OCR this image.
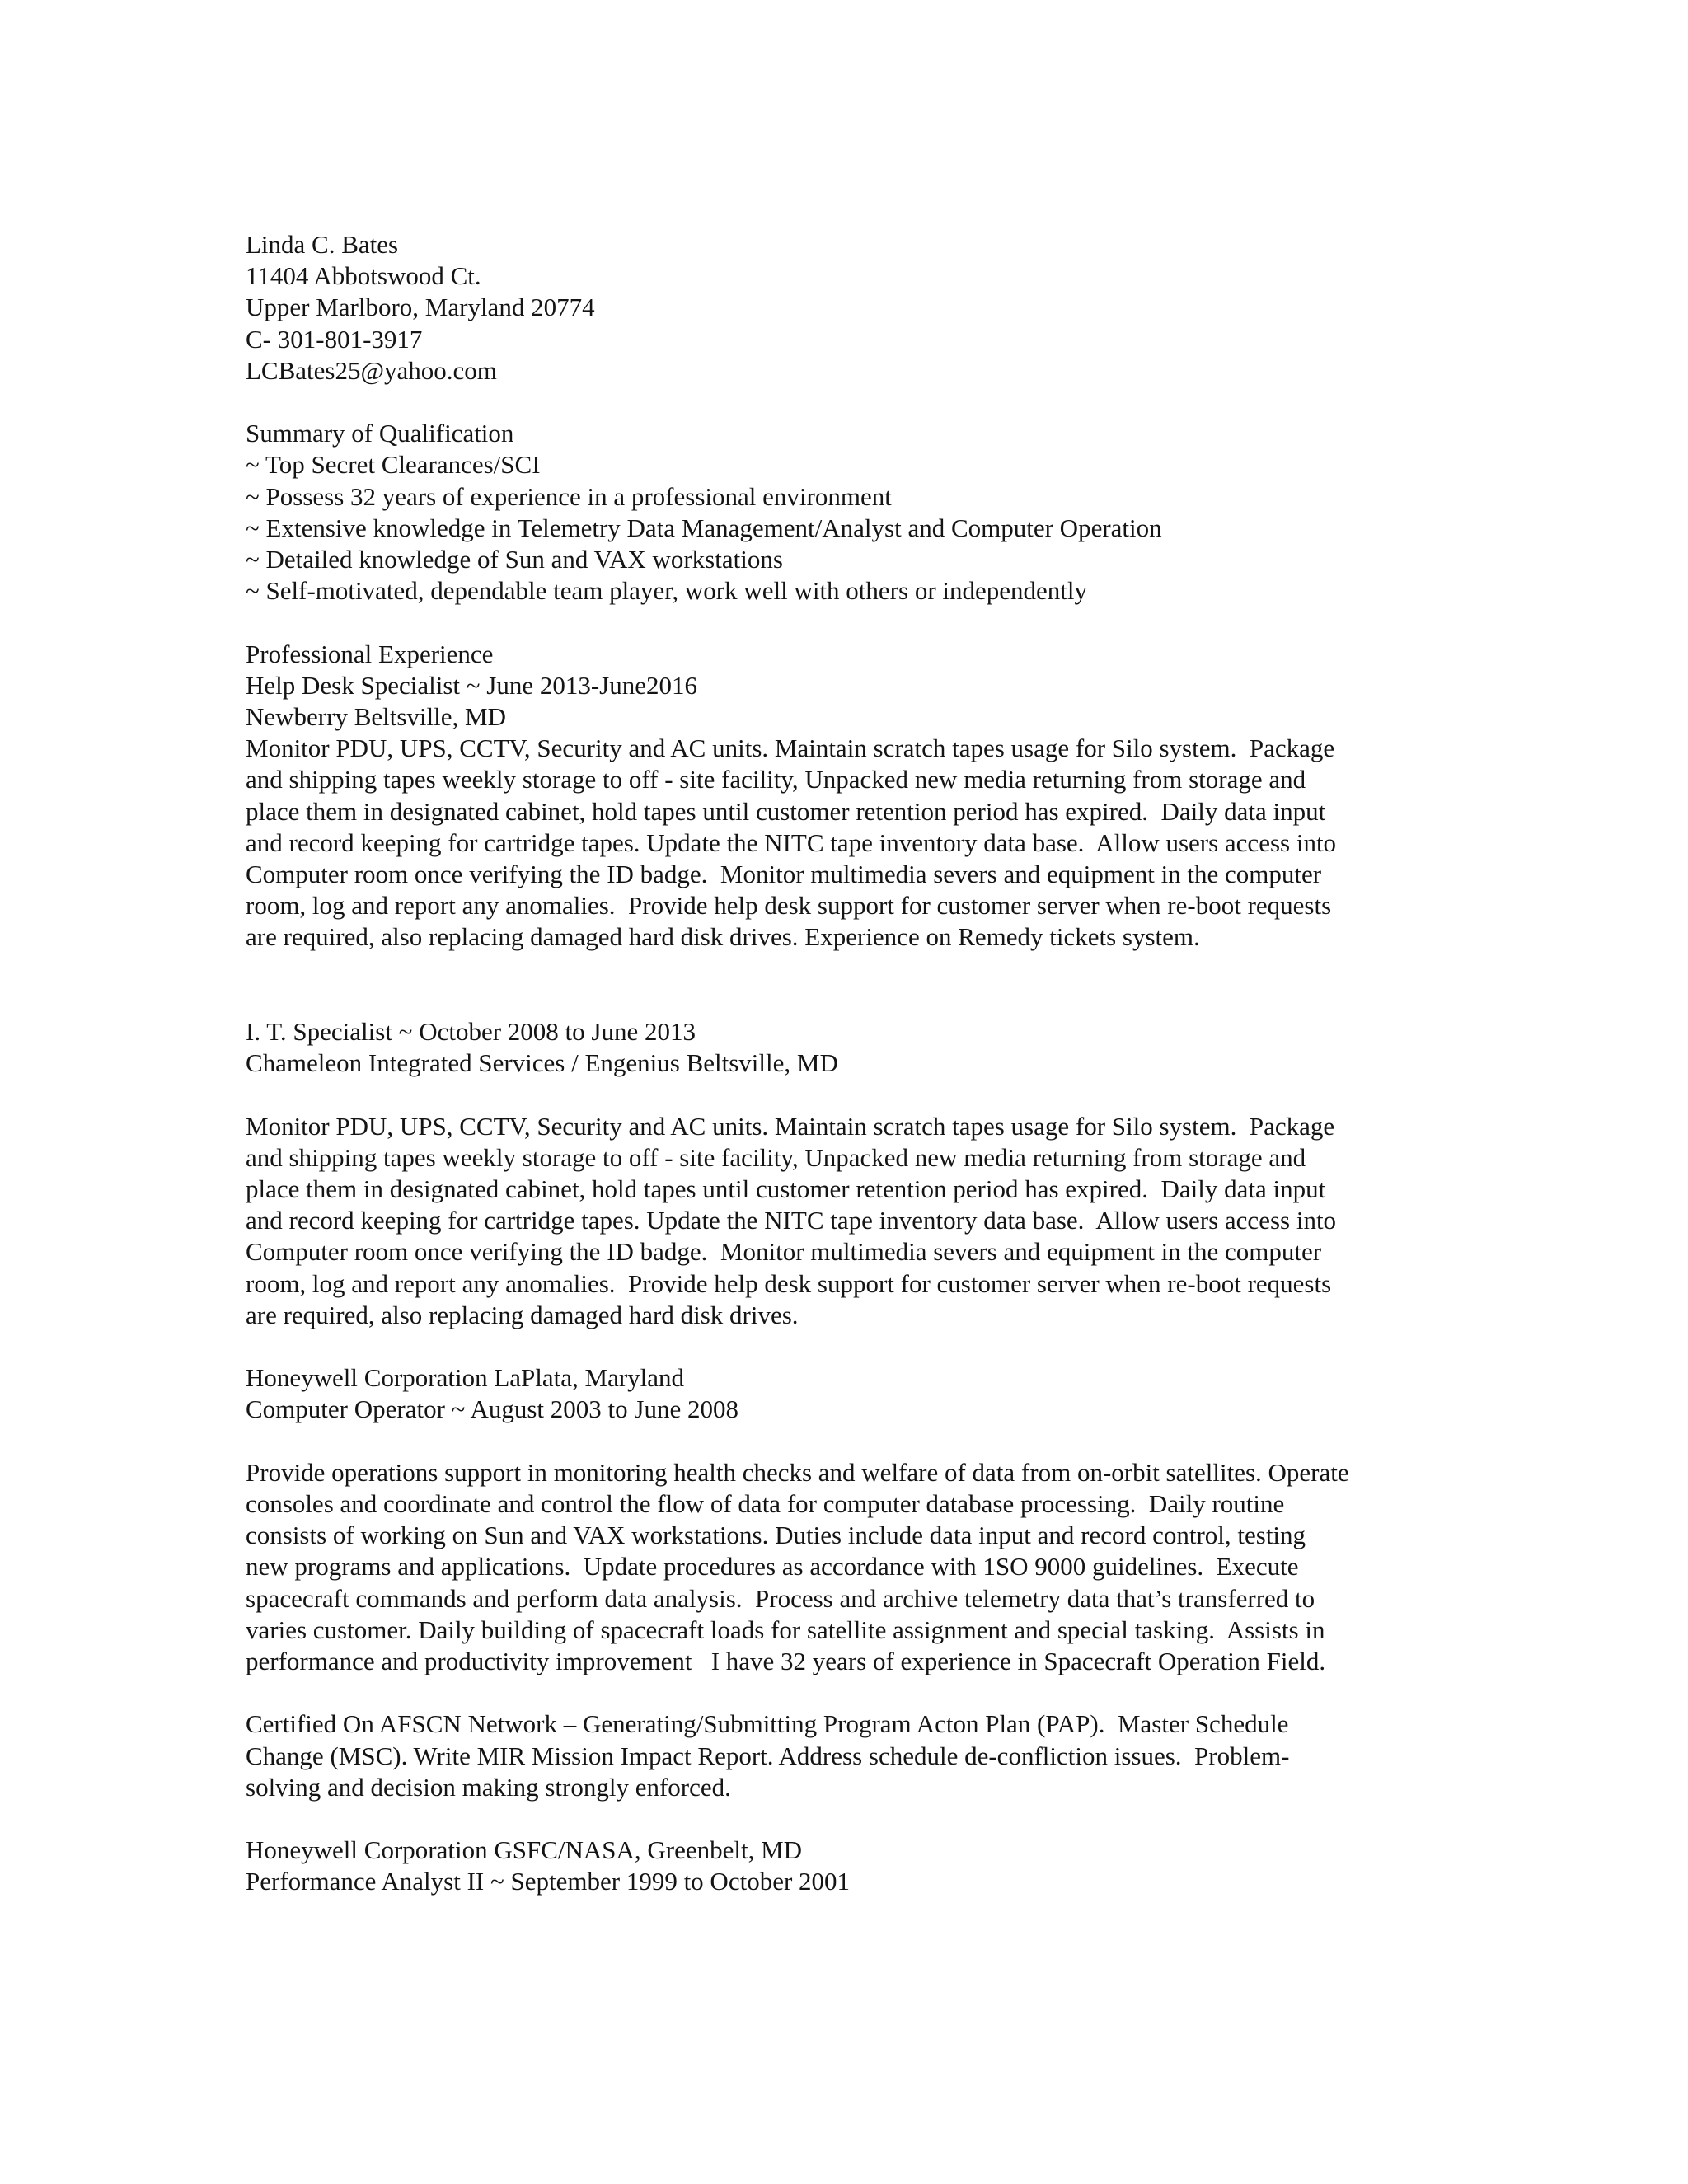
Linda C. Bates
11404 Abbotswood Ct.
Upper Marlboro, Maryland 20774
C- 301-801-3917
LCBates25@yahoo.com
Summary of Qualification
~ Top Secret Clearances/SCI
~ Possess 32 years of experience in a professional environment
~ Extensive knowledge in Telemetry Data Management/Analyst and Computer Operation
~ Detailed knowledge of Sun and VAX workstations
~ Self-motivated, dependable team player, work well with others or independently
Professional Experience
Help Desk Specialist ~ June 2013-June2016
Newberry Beltsville, MD
Monitor PDU, UPS, CCTV, Security and AC units. Maintain scratch tapes usage for Silo system.  Package
and shipping tapes weekly storage to off - site facility, Unpacked new media returning from storage and
place them in designated cabinet, hold tapes until customer retention period has expired.  Daily data input
and record keeping for cartridge tapes. Update the NITC tape inventory data base.  Allow users access into
Computer room once verifying the ID badge.  Monitor multimedia severs and equipment in the computer
room, log and report any anomalies.  Provide help desk support for customer server when re-boot requests
are required, also replacing damaged hard disk drives. Experience on Remedy tickets system.
I. T. Specialist ~ October 2008 to June 2013
Chameleon Integrated Services / Engenius Beltsville, MD
Monitor PDU, UPS, CCTV, Security and AC units. Maintain scratch tapes usage for Silo system.  Package
and shipping tapes weekly storage to off - site facility, Unpacked new media returning from storage and
place them in designated cabinet, hold tapes until customer retention period has expired.  Daily data input
and record keeping for cartridge tapes. Update the NITC tape inventory data base.  Allow users access into
Computer room once verifying the ID badge.  Monitor multimedia severs and equipment in the computer
room, log and report any anomalies.  Provide help desk support for customer server when re-boot requests
are required, also replacing damaged hard disk drives.
Honeywell Corporation LaPlata, Maryland
Computer Operator ~ August 2003 to June 2008
Provide operations support in monitoring health checks and welfare of data from on-orbit satellites. Operate
consoles and coordinate and control the flow of data for computer database processing.  Daily routine
consists of working on Sun and VAX workstations. Duties include data input and record control, testing
new programs and applications.  Update procedures as accordance with 1SO 9000 guidelines.  Execute
spacecraft commands and perform data analysis.  Process and archive telemetry data that’s transferred to
varies customer. Daily building of spacecraft loads for satellite assignment and special tasking.  Assists in
performance and productivity improvement   I have 32 years of experience in Spacecraft Operation Field.
Certified On AFSCN Network – Generating/Submitting Program Acton Plan (PAP).  Master Schedule
Change (MSC). Write MIR Mission Impact Report. Address schedule de-confliction issues.  Problem-
solving and decision making strongly enforced.
Honeywell Corporation GSFC/NASA, Greenbelt, MD
Performance Analyst II ~ September 1999 to October 2001
